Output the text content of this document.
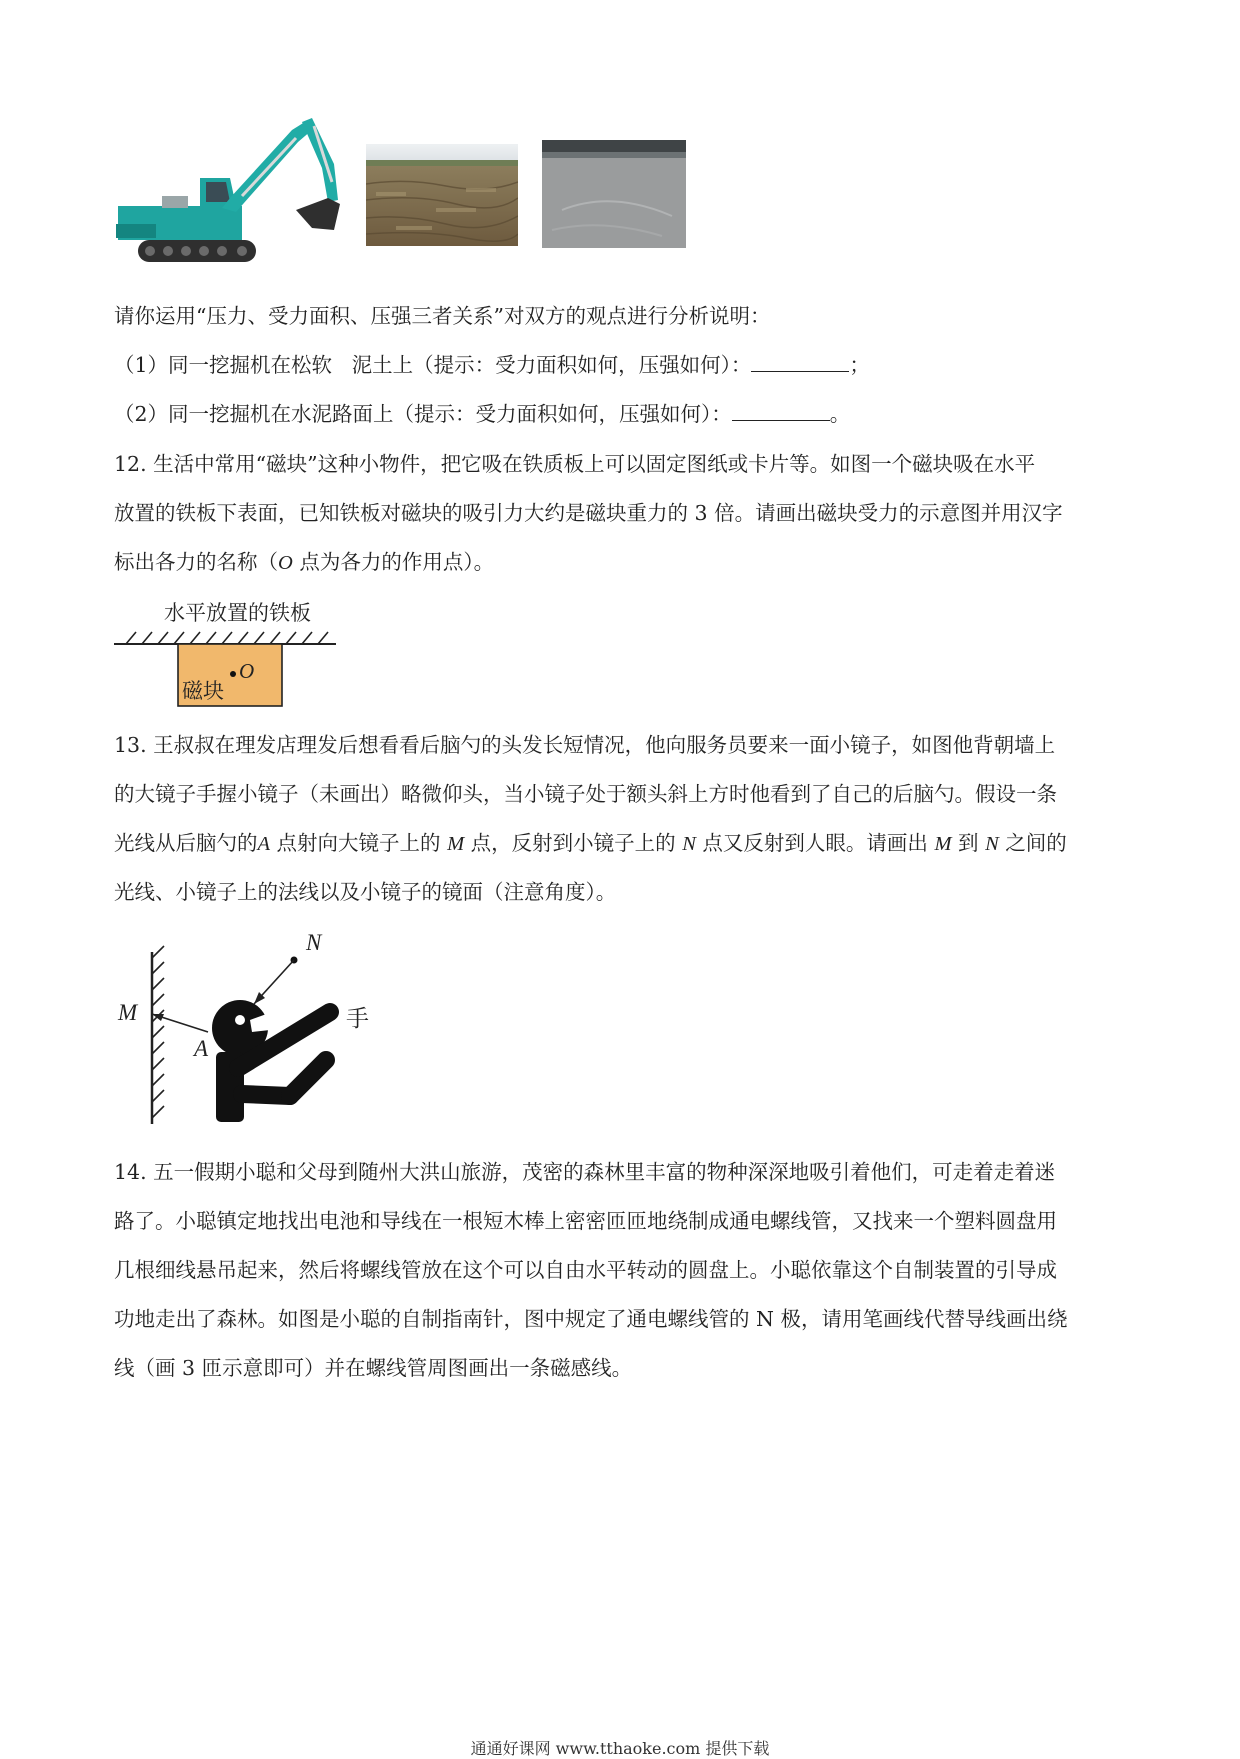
请你运用“压力、受力面积、压强三者关系”对双方的观点进行分析说明：
（1）同一挖掘机在松软 泥土上（提示：受力面积如何，压强如何）：	；
（2）同一挖掘机在水泥路面上（提示：受力面积如何，压强如何）：	。
12. 生活中常用“磁块”这种小物件，把它吸在铁质板上可以固定图纸或卡片等。如图一个磁块吸在水平
放置的铁板下表面，已知铁板对磁块的吸引力大约是磁块重力的 3 倍。请画出磁块受力的示意图并用汉字
标出各力的名称（O 点为各力的作用点）。
水平放置的铁板
O
磁块
13. 王叔叔在理发店理发后想看看后脑勺的头发长短情况，他向服务员要来一面小镜子，如图他背朝墙上
的大镜子手握小镜子（未画出）略微仰头，当小镜子处于额头斜上方时他看到了自己的后脑勺。假设一条
光线从后脑勺的A 点射向大镜子上的 M 点，反射到小镜子上的 N 点又反射到人眼。请画出 M 到 N 之间的
光线、小镜子上的法线以及小镜子的镜面（注意角度）。
N
M
A
手
14. 五一假期小聪和父母到随州大洪山旅游，茂密的森林里丰富的物种深深地吸引着他们，可走着走着迷
路了。小聪镇定地找出电池和导线在一根短木棒上密密匝匝地绕制成通电螺线管，又找来一个塑料圆盘用
几根细线悬吊起来，然后将螺线管放在这个可以自由水平转动的圆盘上。小聪依靠这个自制装置的引导成
功地走出了森林。如图是小聪的自制指南针，图中规定了通电螺线管的 N 极，请用笔画线代替导线画出绕
线（画 3 匝示意即可）并在螺线管周图画出一条磁感线。
通通好课网 www.tthaoke.com 提供下载
